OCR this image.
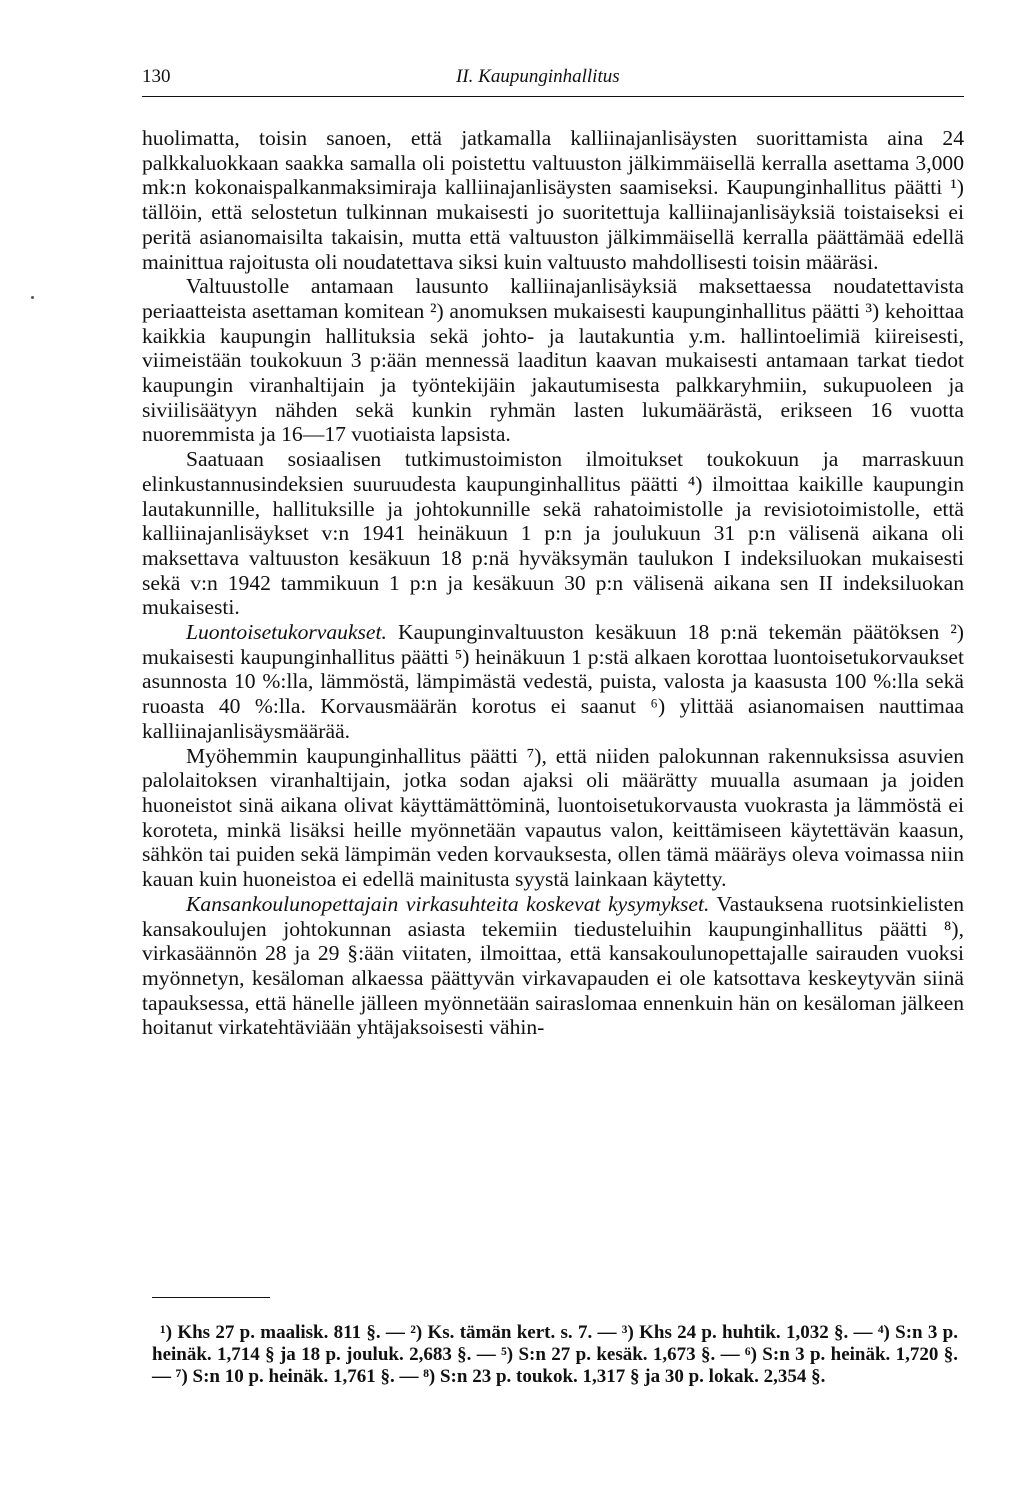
130	II. Kaupunginhallitus

huolimatta, toisin sanoen, että jatkamalla kalliinajanlisäysten suorittamista aina 24 palkkaluokkaan saakka samalla oli poistettu valtuuston jälkimmäisellä kerralla asettama 3,000 mk:n kokonaispalkanmaksimiraja kalliinajanlisäysten saamiseksi. Kaupunginhallitus päätti ¹) tällöin, että selostetun tulkinnan mukaisesti jo suoritettuja kalliinajanlisäyksiä toistaiseksi ei peritä asianomaisilta takaisin, mutta että valtuuston jälkimmäisellä kerralla päättämää edellä mainittua rajoitusta oli noudatettava siksi kuin valtuusto mahdollisesti toisin määräsi.

Valtuustolle antamaan lausunto kalliinajanlisäyksiä maksettaessa noudatettavista periaatteista asettaman komitean ²) anomuksen mukaisesti kaupunginhallitus päätti ³) kehoittaa kaikkia kaupungin hallituksia sekä johto- ja lautakuntia y.m. hallintoelimiä kiireisesti, viimeistään toukokuun 3 p:ään mennessä laaditun kaavan mukaisesti antamaan tarkat tiedot kaupungin viranhaltijain ja työntekijäin jakautumisesta palkkaryhmiin, sukupuoleen ja siviilisäätyyn nähden sekä kunkin ryhmän lasten lukumäärästä, erikseen 16 vuotta nuoremmista ja 16—17 vuotiaista lapsista.

Saatuaan sosiaalisen tutkimustoimiston ilmoitukset toukokuun ja marraskuun elinkustannusindeksien suuruudesta kaupunginhallitus päätti ⁴) ilmoittaa kaikille kaupungin lautakunnille, hallituksille ja johtokunnille sekä rahatoimistolle ja revisiotoimistolle, että kalliinajanlisäykset v:n 1941 heinäkuun 1 p:n ja joulukuun 31 p:n välisenä aikana oli maksettava valtuuston kesäkuun 18 p:nä hyväksymän taulukon I indeksiluokan mukaisesti sekä v:n 1942 tammikuun 1 p:n ja kesäkuun 30 p:n välisenä aikana sen II indeksiluokan mukaisesti.

Luontoisetukorvaukset. Kaupunginvaltuuston kesäkuun 18 p:nä tekemän päätöksen ²) mukaisesti kaupunginhallitus päätti ⁵) heinäkuun 1 p:stä alkaen korottaa luontoisetukorvaukset asunnosta 10 %:lla, lämmöstä, lämpimästä vedestä, puista, valosta ja kaasusta 100 %:lla sekä ruoasta 40 %:lla. Korvausmäärän korotus ei saanut ⁶) ylittää asianomaisen nauttimaa kalliinajanlisäysmäärää.

Myöhemmin kaupunginhallitus päätti ⁷), että niiden palokunnan rakennuksissa asuvien palolaitoksen viranhaltijain, jotka sodan ajaksi oli määrätty muualla asumaan ja joiden huoneistot sinä aikana olivat käyttämättöminä, luontoisetukorvausta vuokrasta ja lämmöstä ei koroteta, minkä lisäksi heille myönnetään vapautus valon, keittämiseen käytettävän kaasun, sähkön tai puiden sekä lämpimän veden korvauksesta, ollen tämä määräys oleva voimassa niin kauan kuin huoneistoa ei edellä mainitusta syystä lainkaan käytetty.

Kansankoulunopettajain virkasuhteita koskevat kysymykset. Vastauksena ruotsinkielisten kansakoulujen johtokunnan asiasta tekemiin tiedusteluihin kaupunginhallitus päätti ⁸), virkasäännön 28 ja 29 §:ään viitaten, ilmoittaa, että kansakoulunopettajalle sairauden vuoksi myönnetyn, kesäloman alkaessa päättyvän virkavapauden ei ole katsottava keskeytyvän siinä tapauksessa, että hänelle jälleen myönnetään sairaslomaa ennenkuin hän on kesäloman jälkeen hoitanut virkatehtäviään yhtäjaksoisesti vähin-

¹) Khs 27 p. maalisk. 811 §. — ²) Ks. tämän kert. s. 7. — ³) Khs 24 p. huhtik. 1,032 §. — ⁴) S:n 3 p. heinäk. 1,714 § ja 18 p. jouluk. 2,683 §. — ⁵) S:n 27 p. kesäk. 1,673 §. — ⁶) S:n 3 p. heinäk. 1,720 §. — ⁷) S:n 10 p. heinäk. 1,761 §. — ⁸) S:n 23 p. toukok. 1,317 § ja 30 p. lokak. 2,354 §.
